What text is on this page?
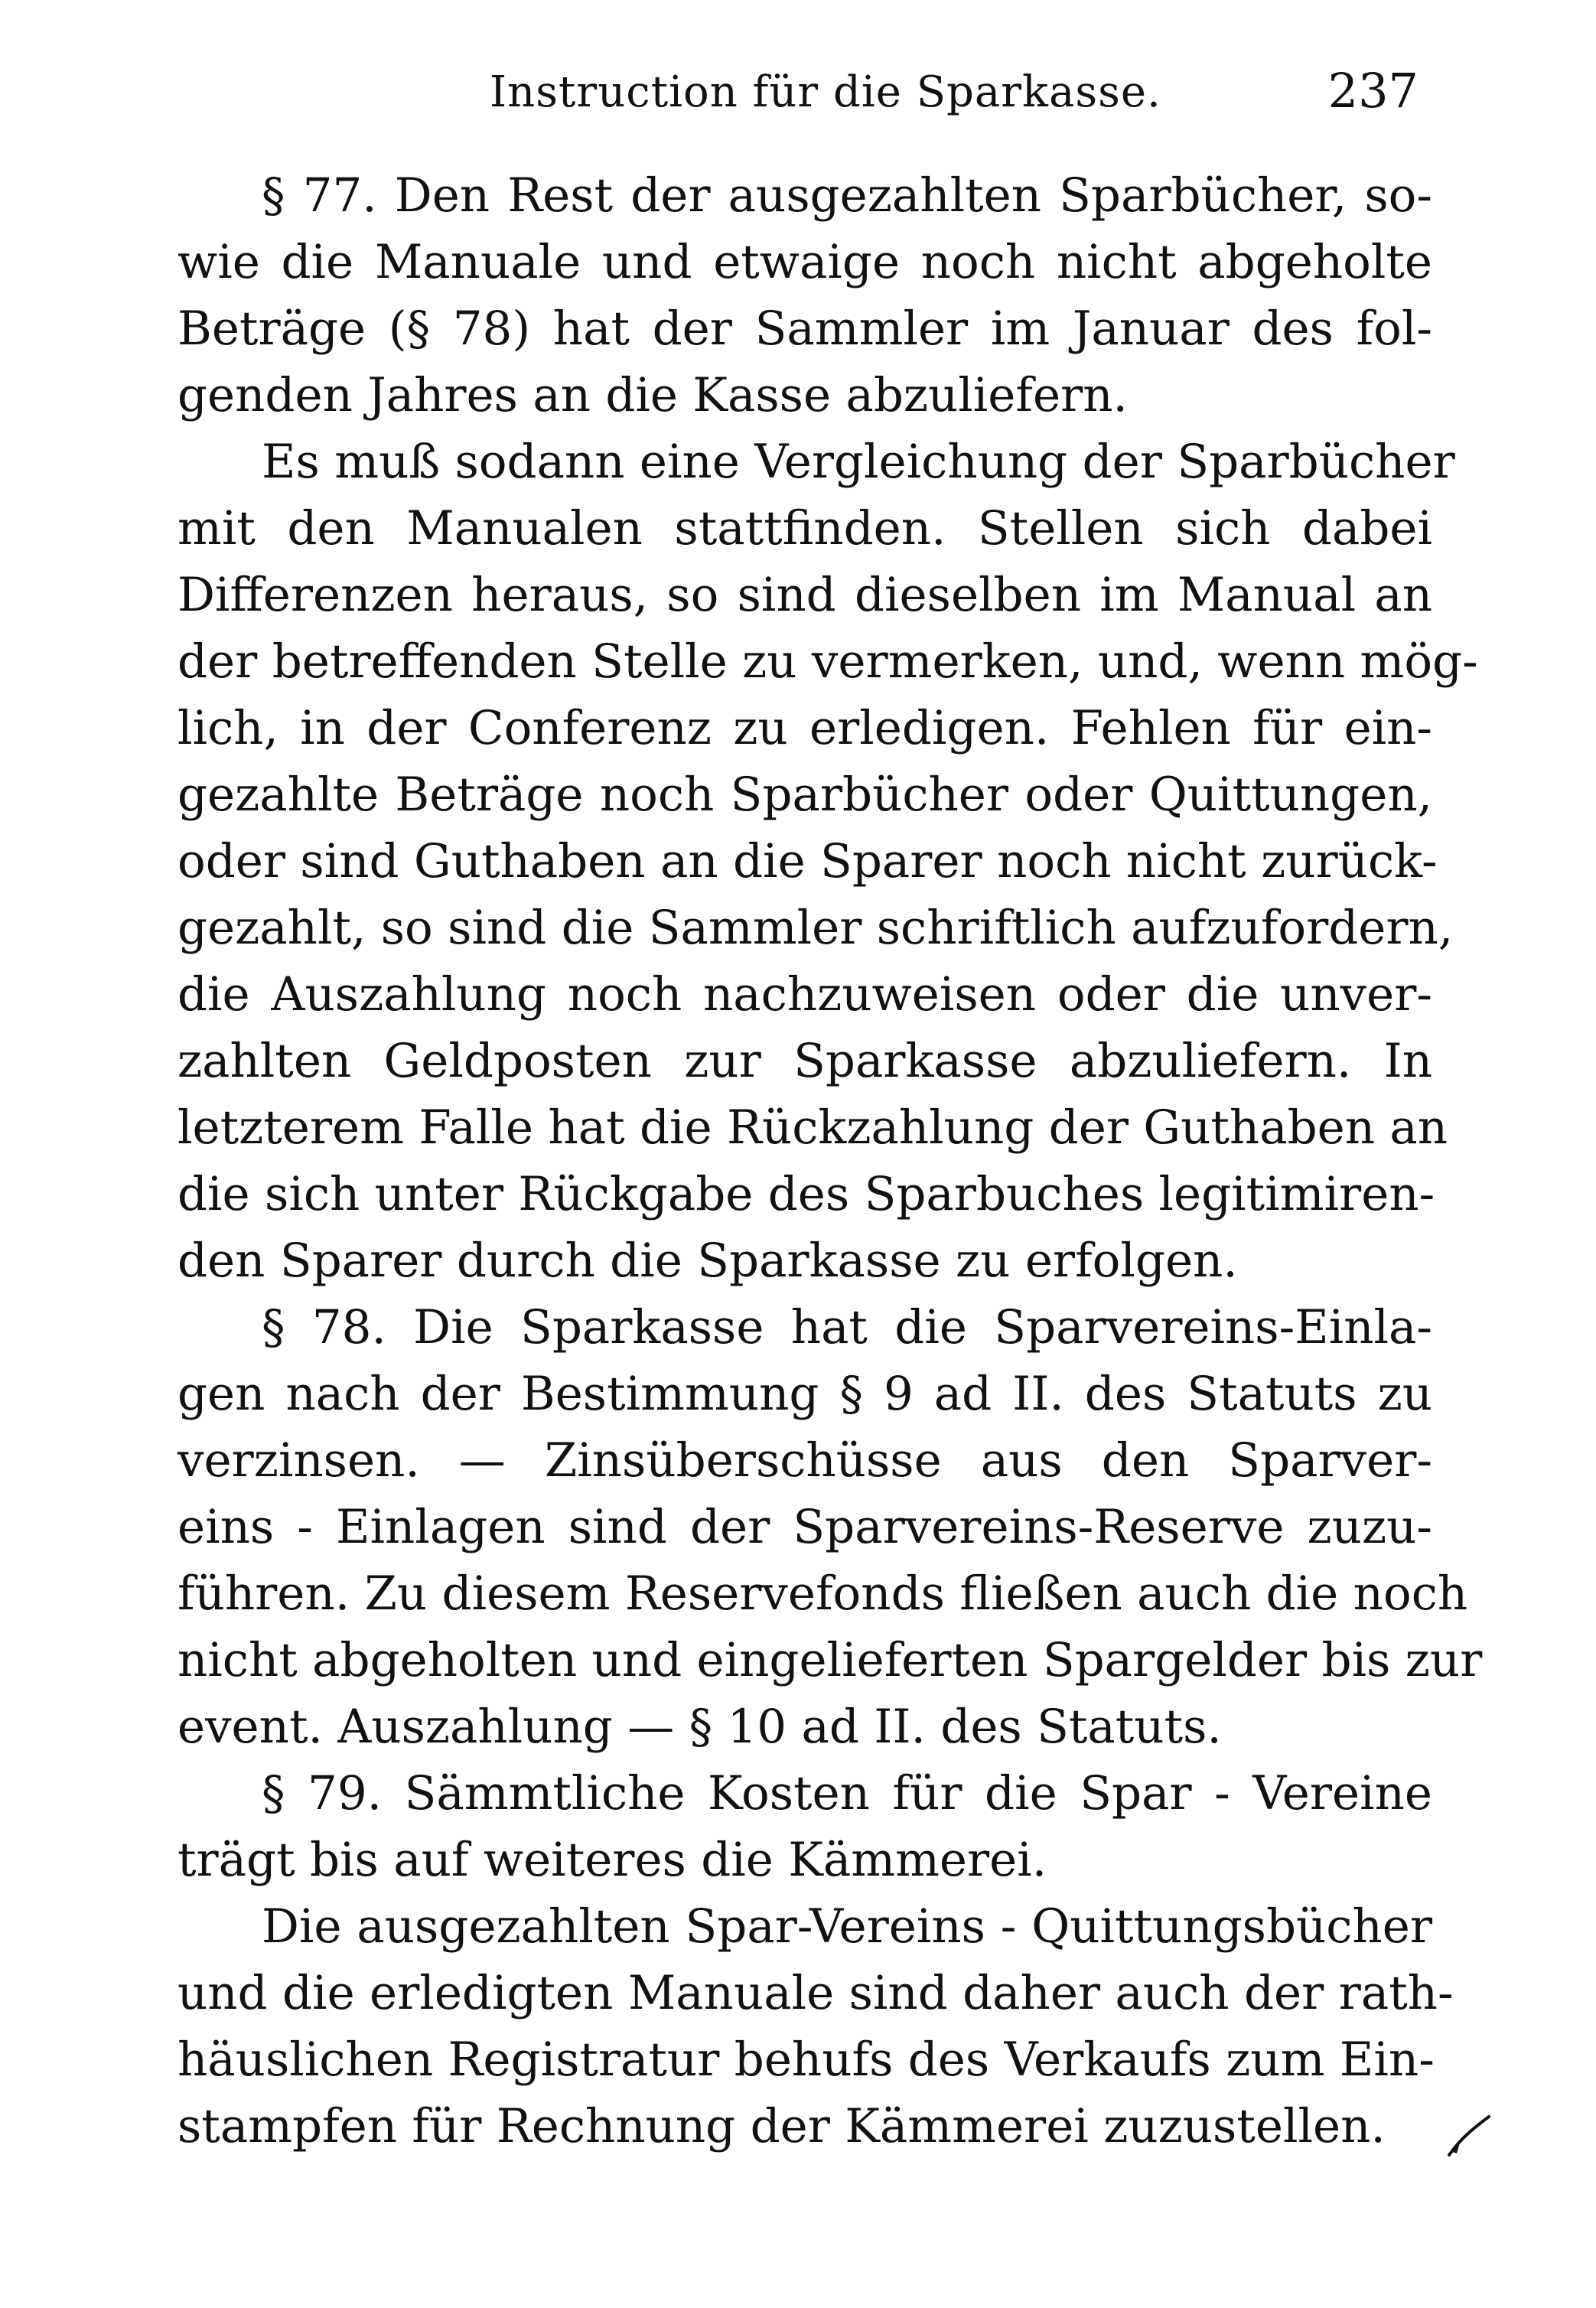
Instruction für die Sparkasse.	237
§ 77. Den Rest der ausgezahlten Sparbücher, so-
wie die Manuale und etwaige noch nicht abgeholte
Beträge (§ 78) hat der Sammler im Januar des fol-
genden Jahres an die Kasse abzuliefern.
Es muß sodann eine Vergleichung der Sparbücher
mit den Manualen stattfinden. Stellen sich dabei
Differenzen heraus, so sind dieselben im Manual an
der betreffenden Stelle zu vermerken, und, wenn mög-
lich, in der Conferenz zu erledigen. Fehlen für ein-
gezahlte Beträge noch Sparbücher oder Quittungen,
oder sind Guthaben an die Sparer noch nicht zurück-
gezahlt, so sind die Sammler schriftlich aufzufordern,
die Auszahlung noch nachzuweisen oder die unver-
zahlten Geldposten zur Sparkasse abzuliefern. In
letzterem Falle hat die Rückzahlung der Guthaben an
die sich unter Rückgabe des Sparbuches legitimiren-
den Sparer durch die Sparkasse zu erfolgen.
§ 78. Die Sparkasse hat die Sparvereins-Einla-
gen nach der Bestimmung § 9 ad II. des Statuts zu
verzinsen. — Zinsüberschüsse aus den Sparver-
eins - Einlagen sind der Sparvereins-Reserve zuzu-
führen. Zu diesem Reservefonds fließen auch die noch
nicht abgeholten und eingelieferten Spargelder bis zur
event. Auszahlung — § 10 ad II. des Statuts.
§ 79. Sämmtliche Kosten für die Spar - Vereine
trägt bis auf weiteres die Kämmerei.
Die ausgezahlten Spar-Vereins - Quittungsbücher
und die erledigten Manuale sind daher auch der rath-
häuslichen Registratur behufs des Verkaufs zum Ein-
stampfen für Rechnung der Kämmerei zuzustellen.
